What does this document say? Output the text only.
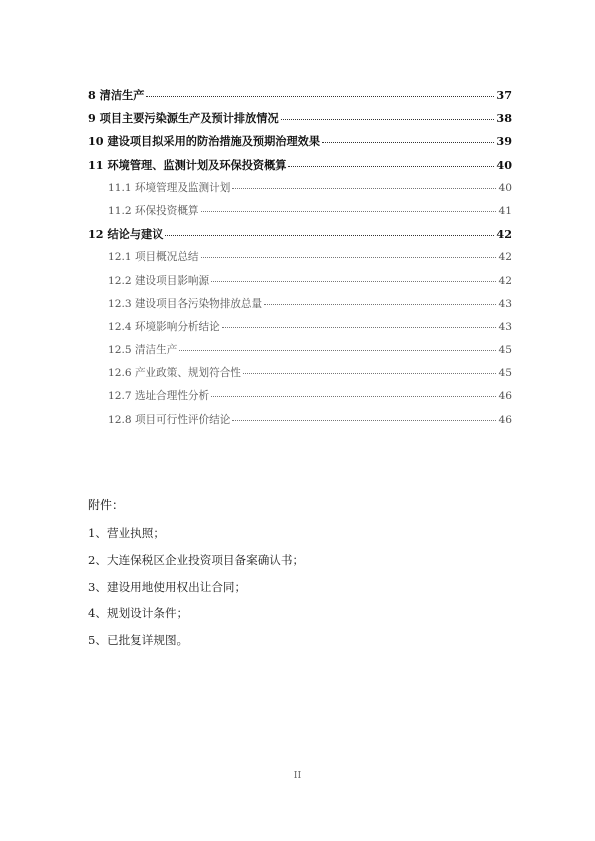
8 清洁生产	37
9 项目主要污染源生产及预计排放情况	38
10 建设项目拟采用的防治措施及预期治理效果	39
11 环境管理、监测计划及环保投资概算	40
11.1 环境管理及监测计划	40
11.2 环保投资概算	41
12 结论与建议	42
12.1 项目概况总结	42
12.2 建设项目影响源	42
12.3 建设项目各污染物排放总量	43
12.4 环境影响分析结论	43
12.5 清洁生产	45
12.6 产业政策、规划符合性	45
12.7 选址合理性分析	46
12.8 项目可行性评价结论	46
附件：
1、营业执照；
2、大连保税区企业投资项目备案确认书；
3、建设用地使用权出让合同；
4、规划设计条件；
5、已批复详规图。
II
